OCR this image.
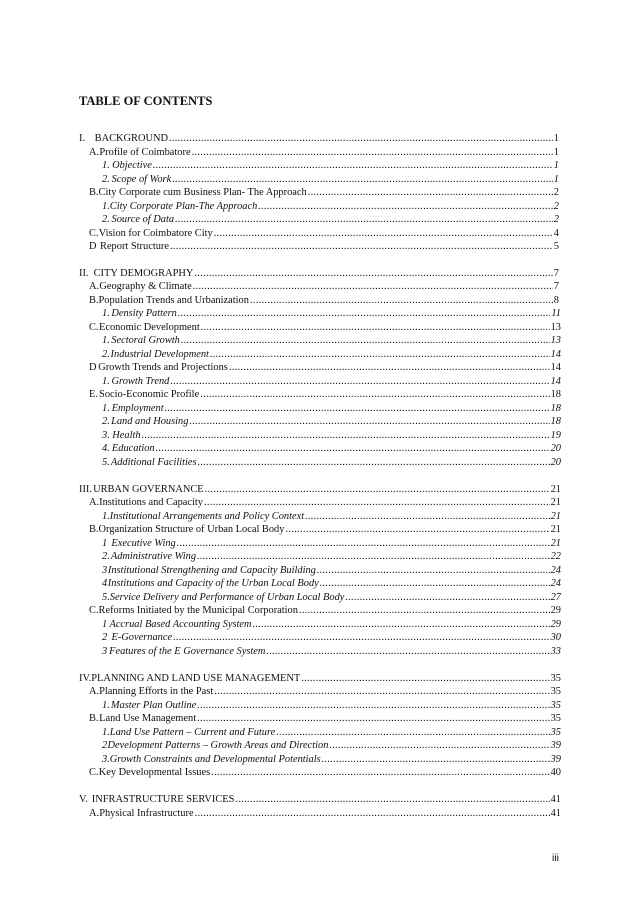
TABLE OF CONTENTS
I. BACKGROUND .....	1
A. Profile of Coimbatore .....	1
1. Objective .....	1
2. Scope of Work .....	1
B. City Corporate cum Business Plan- The Approach .....	2
1. City Corporate Plan-The Approach .....	2
2. Source of Data .....	2
C. Vision for Coimbatore City .....	4
D Report Structure .....	5
II. CITY DEMOGRAPHY .....	7
A. Geography & Climate .....	7
B. Population Trends and Urbanization .....	8
1. Density Pattern .....	11
C. Economic Development .....	13
1. Sectoral Growth .....	13
2. Industrial Development .....	14
D Growth Trends and Projections .....	14
1. Growth Trend .....	14
E. Socio-Economic Profile .....	18
1. Employment .....	18
2. Land and Housing .....	18
3. Health .....	19
4. Education .....	20
5. Additional Facilities .....	20
III. URBAN GOVERNANCE .....	21
A. Institutions and Capacity .....	21
1. Institutional Arrangements and Policy Context .....	21
B. Organization Structure of Urban Local Body .....	21
1 Executive Wing .....	21
2. Administrative Wing .....	22
3 Institutional Strengthening and Capacity Building .....	24
4 Institutions and Capacity of the Urban Local Body .....	24
5. Service Delivery and Performance of Urban Local Body .....	27
C. Reforms Initiated by the Municipal Corporation .....	29
1 Accrual Based Accounting System .....	29
2 E-Governance .....	30
3 Features of the E Governance System .....	33
IV. PLANNING AND LAND USE MANAGEMENT .....	35
A. Planning Efforts in the Past .....	35
1. Master Plan Outline .....	35
B. Land Use Management .....	35
1. Land Use Pattern – Current and Future .....	35
2 Development Patterns – Growth Areas and Direction .....	39
3. Growth Constraints and Developmental Potentials .....	39
C. Key Developmental Issues .....	40
V. INFRASTRUCTURE SERVICES .....	41
A. Physical Infrastructure .....	41
iii
